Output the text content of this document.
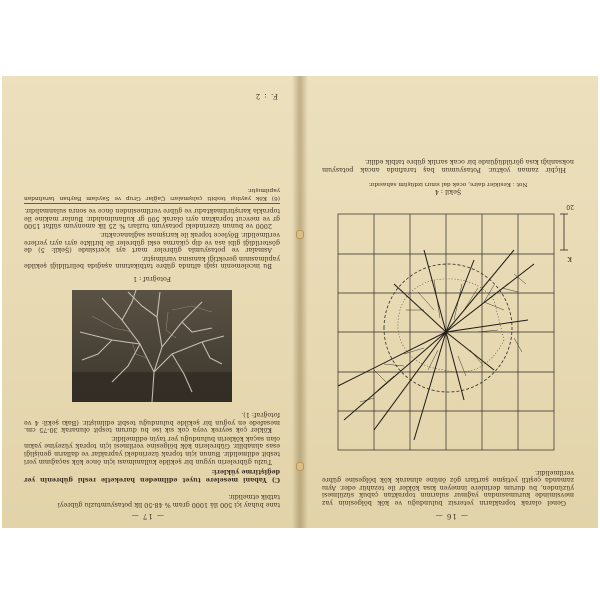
tane buhay içi 500 ilâ 1000 gram % 48-50 lik potasyumtuzlu gübreyi
tatbik etmelidir.
C) Yabani meselere tuyet edilmeden hareketle reshi gübrenin yer değiştirme yükleri:

Tuzlu gübrelerin uygun bir şekilde kullanılması için önce kök saçağının yeri tesbit edilmelidir. Bunun için toprak üzerindeki yapraklar ve dalların genişliği esas alınabilir. Gübrelerin kök bölgesine verilmesi için toprak yüzeyine yakın olan saçak köklerin bulunduğu yer tayin edilmelidir.

Kökler çok seyrek veya çok sık ise bu durum tespit olunarak 30-75 cm. mesafede en yoğun bir şekilde bulunduğu tesbit edilmiştir. (Bakı şekil: 4 ve fotoğraf: 1).

Fotoğraf : 1

Bu incelemenin ışığı altında gübre tatbikatının aşağıda belirtildiği şekilde yapılmasının gerektiği kanısına varılmıştır.

Asmalar ve potasyumla gübreler mart ayı içerisinde (Şekil: 5) de gösterildiği gibi asa ve dip çıkarma eski gübreler ile birlikte ayrı ayrı yerlere verilmelidir. Böylece toprak ile karışması sağlanacaktır.

2000 ve bunun üzerindeki potasyum tuzları % 25 lik amonyum sülfat 1500 gr ve mevcut topraktan ayrı olarak 500 gr kullanılmalıdır. Bunlar makine ile toprakla karıştırılmaktadır ve gübre verilmesinden önce ve sonra sulanmalıdır.

(6) Kök yayılışı tesbiti çalışmaları Çağlar Grup ve Sayılam Bayhan tarafından yapılmıştır.

— 17 —
F. : 2
— 16 —

Genel olarak toprakların yetersiz bulunduğu ve kök bölgesinin yaz mevsiminde kurumasından yağmur sularının topraktan çabuk süzülmesi yüzünden, bu durum derinlere inmeyen kısa kökler ile tezahür eder. Aynı zamanda çeşitli yetişme şartları göz önüne alınarak kök bölgesine gübre verilmelidir.

20
K
Şekil : 4
Not : Kesikler daire, ocak dal sınırı izdüşüm sahasıdır.

Hiçbir zaman yoktur. Potasyumun baş tarafında ancak potasyum noksanlığı kısa görüldüğünde bir ocak sarılık gübre tatbik edilir.
